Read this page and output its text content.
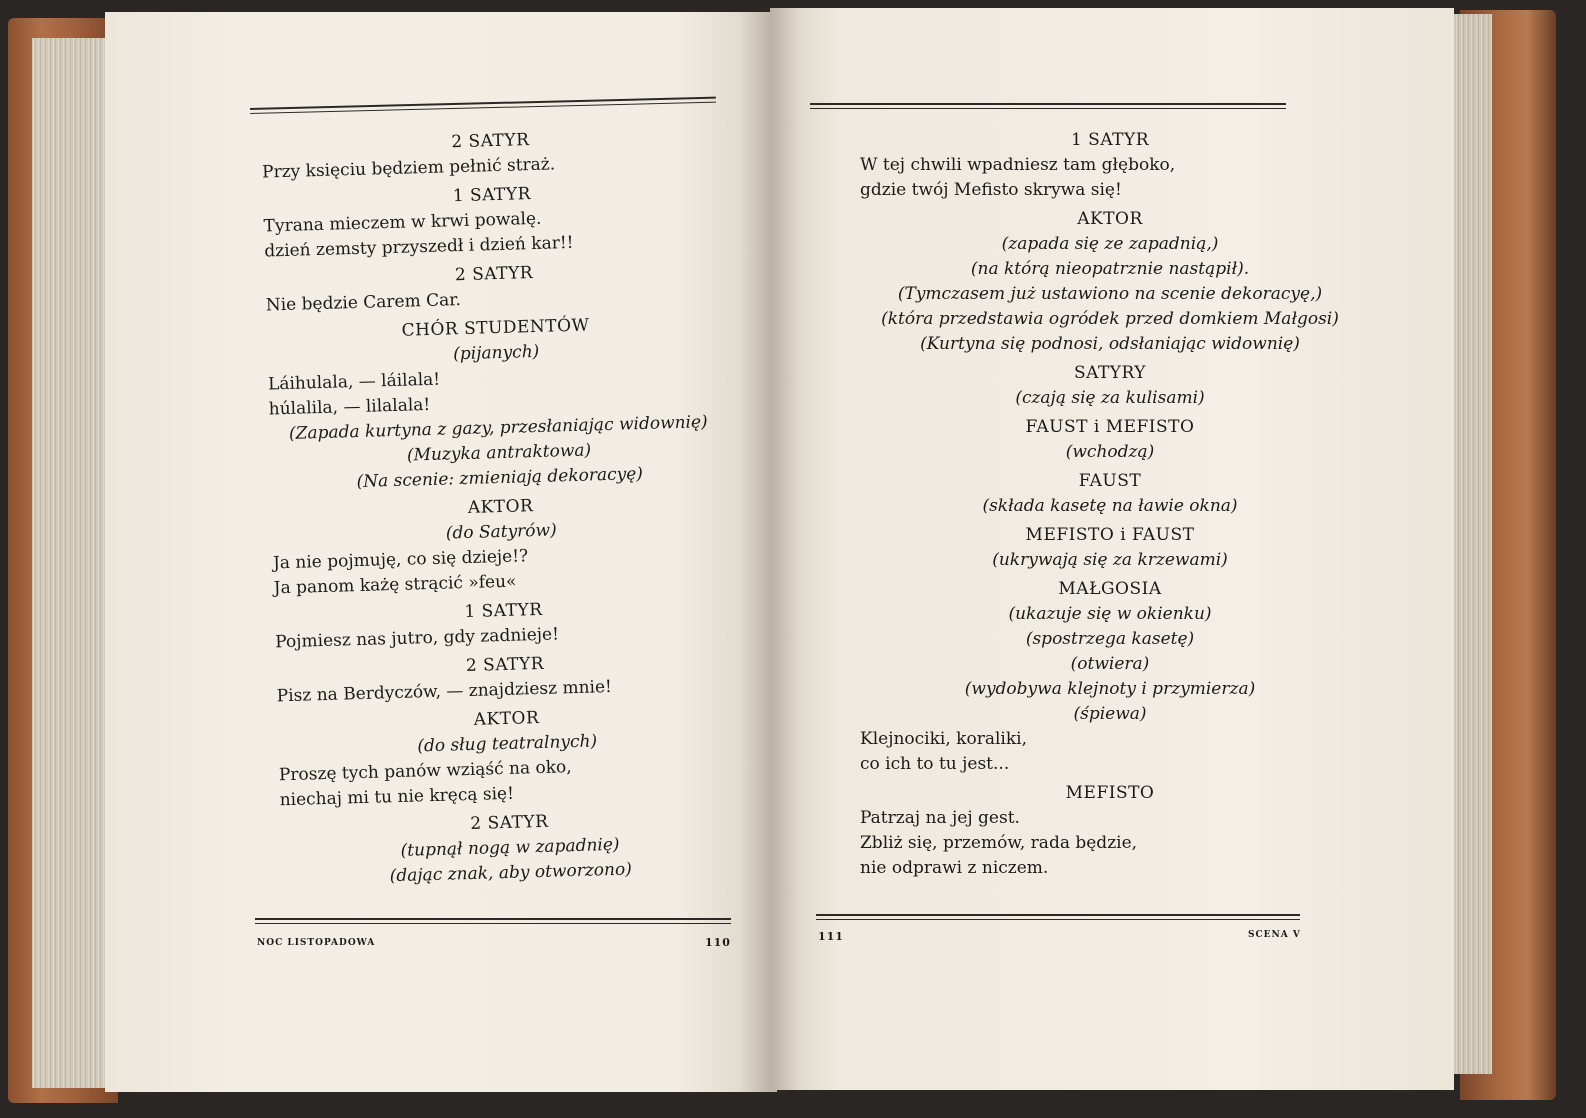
2 SATYR
Przy księciu będziem pełnić straż.
1 SATYR
Tyrana mieczem w krwi powalę.
dzień zemsty przyszedł i dzień kar!!
2 SATYR
Nie będzie Carem Car.
CHÓR STUDENTÓW
(pijanych)
Láihulala, — láilala!
húlalila, — lilalala!
(Zapada kurtyna z gazy, przesłaniając widownię)
(Muzyka antraktowa)
(Na scenie: zmieniają dekoracyę)
AKTOR
(do Satyrów)
Ja nie pojmuję, co się dzieje!?
Ja panom każę strącić »feu«
1 SATYR
Pojmiesz nas jutro, gdy zadnieje!
2 SATYR
Pisz na Berdyczów, — znajdziesz mnie!
AKTOR
(do sług teatralnych)
Proszę tych panów wziąść na oko,
niechaj mi tu nie kręcą się!
2 SATYR
(tupnął nogą w zapadnię)
(dając znak, aby otworzono)
NOC LISTOPADOWA	110
1 SATYR
W tej chwili wpadniesz tam głęboko,
gdzie twój Mefisto skrywa się!
AKTOR
(zapada się ze zapadnią,)
(na którą nieopatrznie nastąpił).
(Tymczasem już ustawiono na scenie dekoracyę,)
(która przedstawia ogródek przed domkiem Małgosi)
(Kurtyna się podnosi, odsłaniając widownię)
SATYRY
(czają się za kulisami)
FAUST i MEFISTO
(wchodzą)
FAUST
(składa kasetę na ławie okna)
MEFISTO i FAUST
(ukrywają się za krzewami)
MAŁGOSIA
(ukazuje się w okienku)
(spostrzega kasetę)
(otwiera)
(wydobywa klejnoty i przymierza)
(śpiewa)
Klejnociki, koraliki,
co ich to tu jest...
MEFISTO
Patrzaj na jej gest.
Zbliż się, przemów, rada będzie,
nie odprawi z niczem.
111	SCENA V
